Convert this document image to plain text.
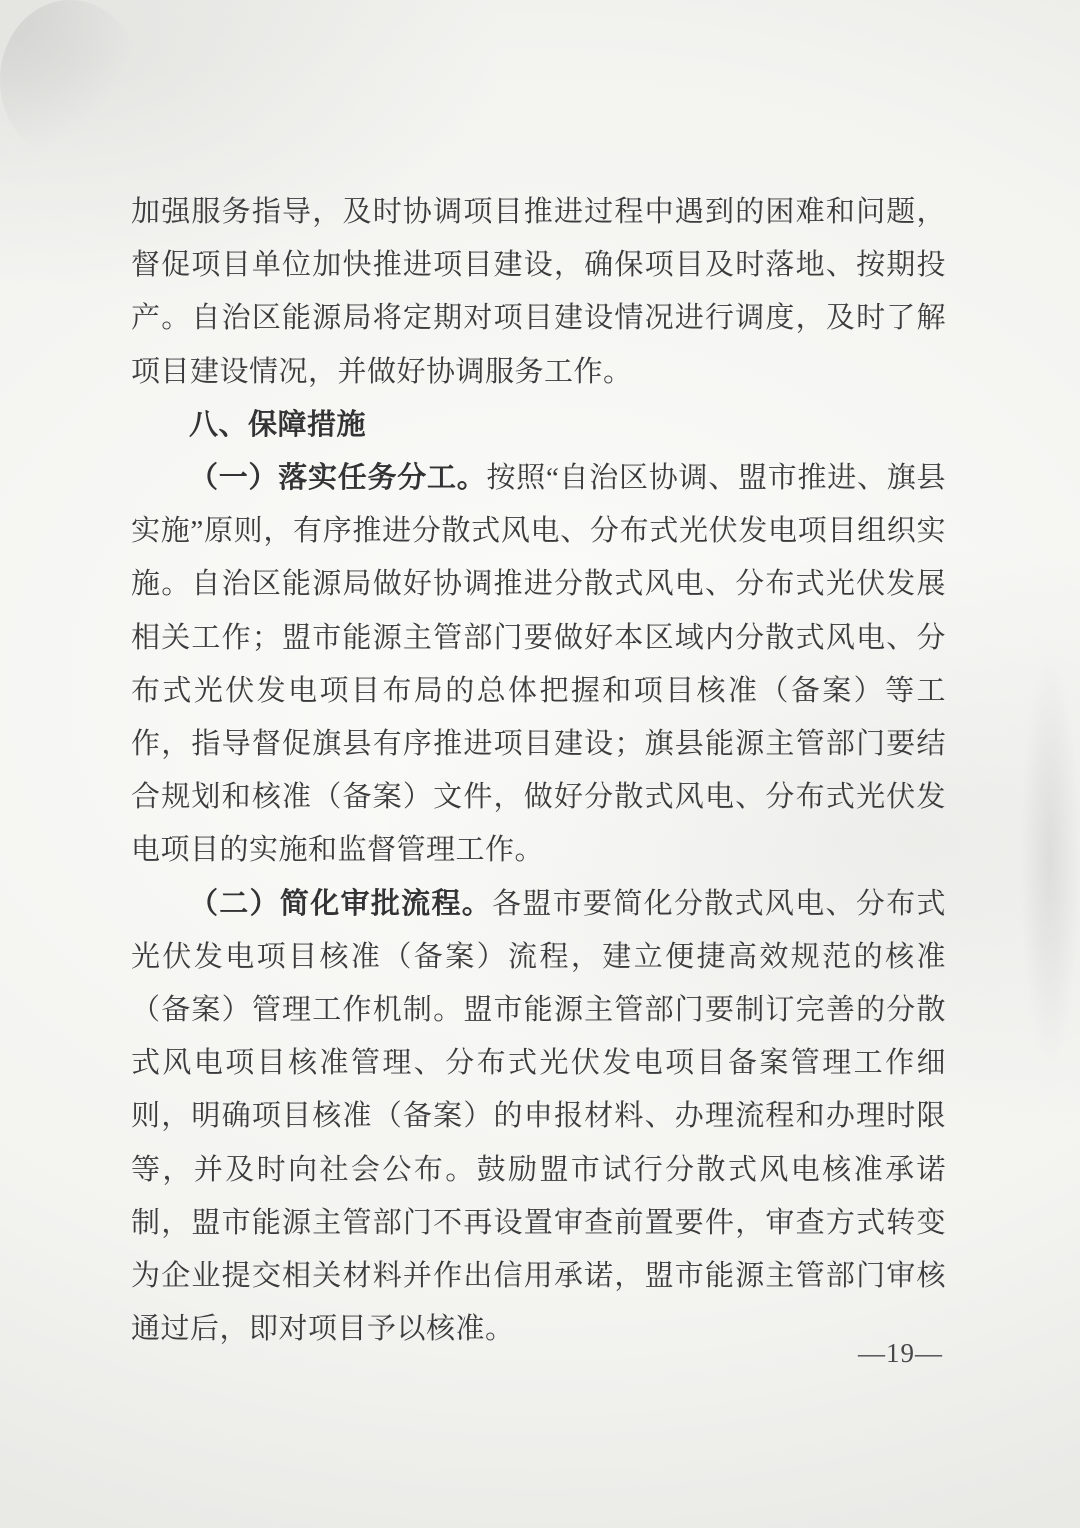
加强服务指导，及时协调项目推进过程中遇到的困难和问题，督促项目单位加快推进项目建设，确保项目及时落地、按期投产。自治区能源局将定期对项目建设情况进行调度，及时了解项目建设情况，并做好协调服务工作。

八、保障措施

（一）落实任务分工。按照“自治区协调、盟市推进、旗县实施”原则，有序推进分散式风电、分布式光伏发电项目组织实施。自治区能源局做好协调推进分散式风电、分布式光伏发展相关工作；盟市能源主管部门要做好本区域内分散式风电、分布式光伏发电项目布局的总体把握和项目核准（备案）等工作，指导督促旗县有序推进项目建设；旗县能源主管部门要结合规划和核准（备案）文件，做好分散式风电、分布式光伏发电项目的实施和监督管理工作。

（二）简化审批流程。各盟市要简化分散式风电、分布式光伏发电项目核准（备案）流程，建立便捷高效规范的核准（备案）管理工作机制。盟市能源主管部门要制订完善的分散式风电项目核准管理、分布式光伏发电项目备案管理工作细则，明确项目核准（备案）的申报材料、办理流程和办理时限等，并及时向社会公布。鼓励盟市试行分散式风电核准承诺制，盟市能源主管部门不再设置审查前置要件，审查方式转变为企业提交相关材料并作出信用承诺，盟市能源主管部门审核通过后，即对项目予以核准。

—19—
